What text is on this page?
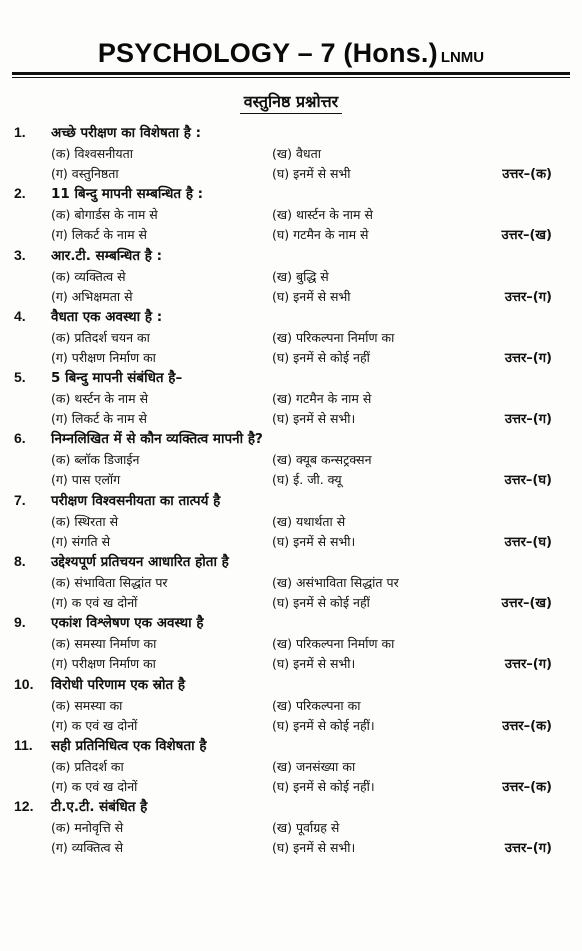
PSYCHOLOGY – 7 (Hons.) LNMU
वस्तुनिष्ठ प्रश्नोत्तर
1.	अच्छे परीक्षण का विशेषता है :
(क) विश्वसनीयता	(ख) वैधता
(ग) वस्तुनिष्ठता	(घ) इनमें से सभी	उत्तर–(क)
2.	11 बिन्दु मापनी सम्बन्धित है :
(क) बोगार्डस के नाम से	(ख) थार्स्टन के नाम से
(ग) लिकर्ट के नाम से	(घ) गटमैन के नाम से	उत्तर–(ख)
3.	आर.टी. सम्बन्धित है :
(क) व्यक्तित्व से	(ख) बुद्धि से
(ग) अभिक्षमता से	(घ) इनमें से सभी	उत्तर–(ग)
4.	वैधता एक अवस्था है :
(क) प्रतिदर्श चयन का	(ख) परिकल्पना निर्माण का
(ग) परीक्षण निर्माण का	(घ) इनमें से कोई नहीं	उत्तर–(ग)
5.	5 बिन्दु मापनी संबंधित है–
(क) थर्स्टन के नाम से	(ख) गटमैन के नाम से
(ग) लिकर्ट के नाम से	(घ) इनमें से सभी।	उत्तर–(ग)
6.	निम्नलिखित में से कौन व्यक्तित्व मापनी है?
(क) ब्लॉक डिजाईन	(ख) क्यूब कन्सट्रक्सन
(ग) पास एलॉग	(घ) ई. जी. क्यू	उत्तर–(घ)
7.	परीक्षण विश्वसनीयता का तात्पर्य है
(क) स्थिरता से	(ख) यथार्थता से
(ग) संगति से	(घ) इनमें से सभी।	उत्तर–(घ)
8.	उद्देश्यपूर्ण प्रतिचयन आधारित होता है
(क) संभाविता सिद्धांत पर	(ख) असंभाविता सिद्धांत पर
(ग) क एवं ख दोनों	(घ) इनमें से कोई नहीं	उत्तर–(ख)
9.	एकांश विश्लेषण एक अवस्था है
(क) समस्या निर्माण का	(ख) परिकल्पना निर्माण का
(ग) परीक्षण निर्माण का	(घ) इनमें से सभी।	उत्तर–(ग)
10.	विरोधी परिणाम एक स्रोत है
(क) समस्या का	(ख) परिकल्पना का
(ग) क एवं ख दोनों	(घ) इनमें से कोई नहीं।	उत्तर–(क)
11.	सही प्रतिनिधित्व एक विशेषता है
(क) प्रतिदर्श का	(ख) जनसंख्या का
(ग) क एवं ख दोनों	(घ) इनमें से कोई नहीं।	उत्तर–(क)
12.	टी.ए.टी. संबंधित है
(क) मनोवृत्ति से	(ख) पूर्वाग्रह से
(ग) व्यक्तित्व से	(घ) इनमें से सभी।	उत्तर–(ग)
